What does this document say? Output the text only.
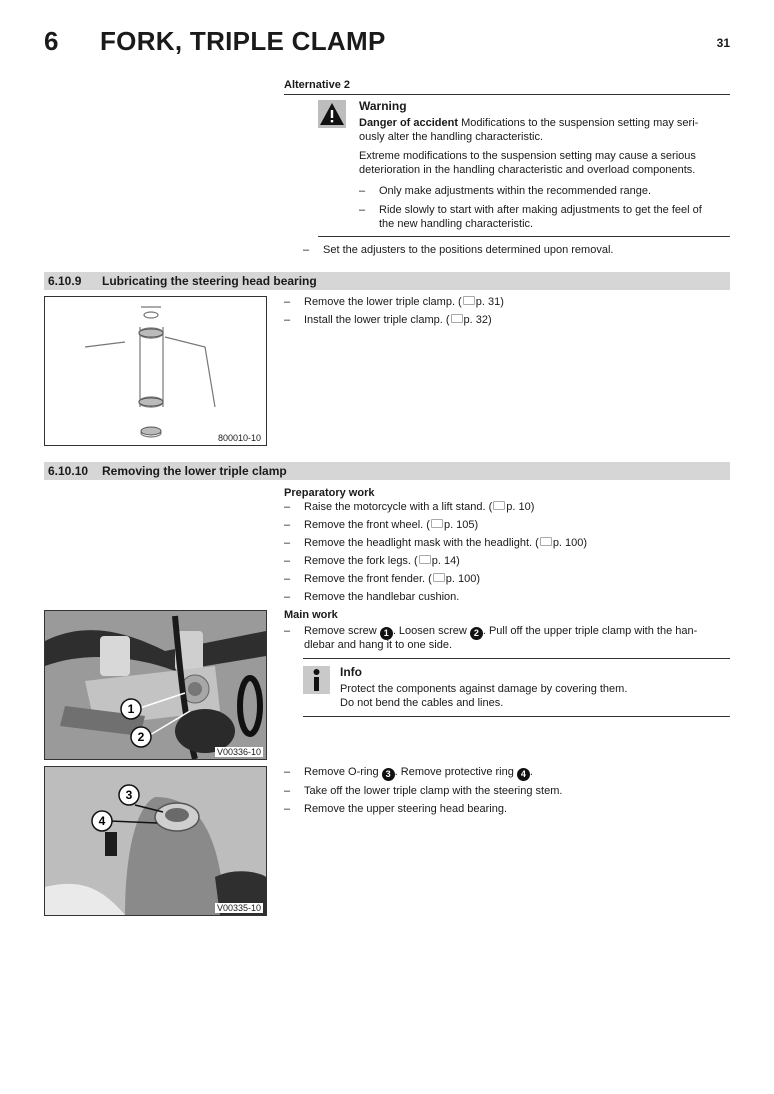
6 FORK, TRIPLE CLAMP	31
Alternative 2
Warning
Danger of accident Modifications to the suspension setting may seri-
ously alter the handling characteristic.
Extreme modifications to the suspension setting may cause a serious
deterioration in the handling characteristic and overload components.
– Only make adjustments within the recommended range.
– Ride slowly to start with after making adjustments to get the feel of
the new handling characteristic.
– Set the adjusters to the positions determined upon removal.
6.10.9 Lubricating the steering head bearing
800010-10
– Remove the lower triple clamp. ( p. 31)
– Install the lower triple clamp. ( p. 32)
6.10.10 Removing the lower triple clamp
Preparatory work
– Raise the motorcycle with a lift stand. ( p. 10)
– Remove the front wheel. ( p. 105)
– Remove the headlight mask with the headlight. ( p. 100)
– Remove the fork legs. ( p. 14)
– Remove the front fender. ( p. 100)
– Remove the handlebar cushion.
Main work
– Remove screw 1 . Loosen screw 2 . Pull off the upper triple clamp with the han-
dlebar and hang it to one side.
Info
Protect the components against damage by covering them.
Do not bend the cables and lines.
1
2
V00336-10
– Remove O-ring 3 . Remove protective ring 4 .
– Take off the lower triple clamp with the steering stem.
– Remove the upper steering head bearing.
3
4
V00335-10
